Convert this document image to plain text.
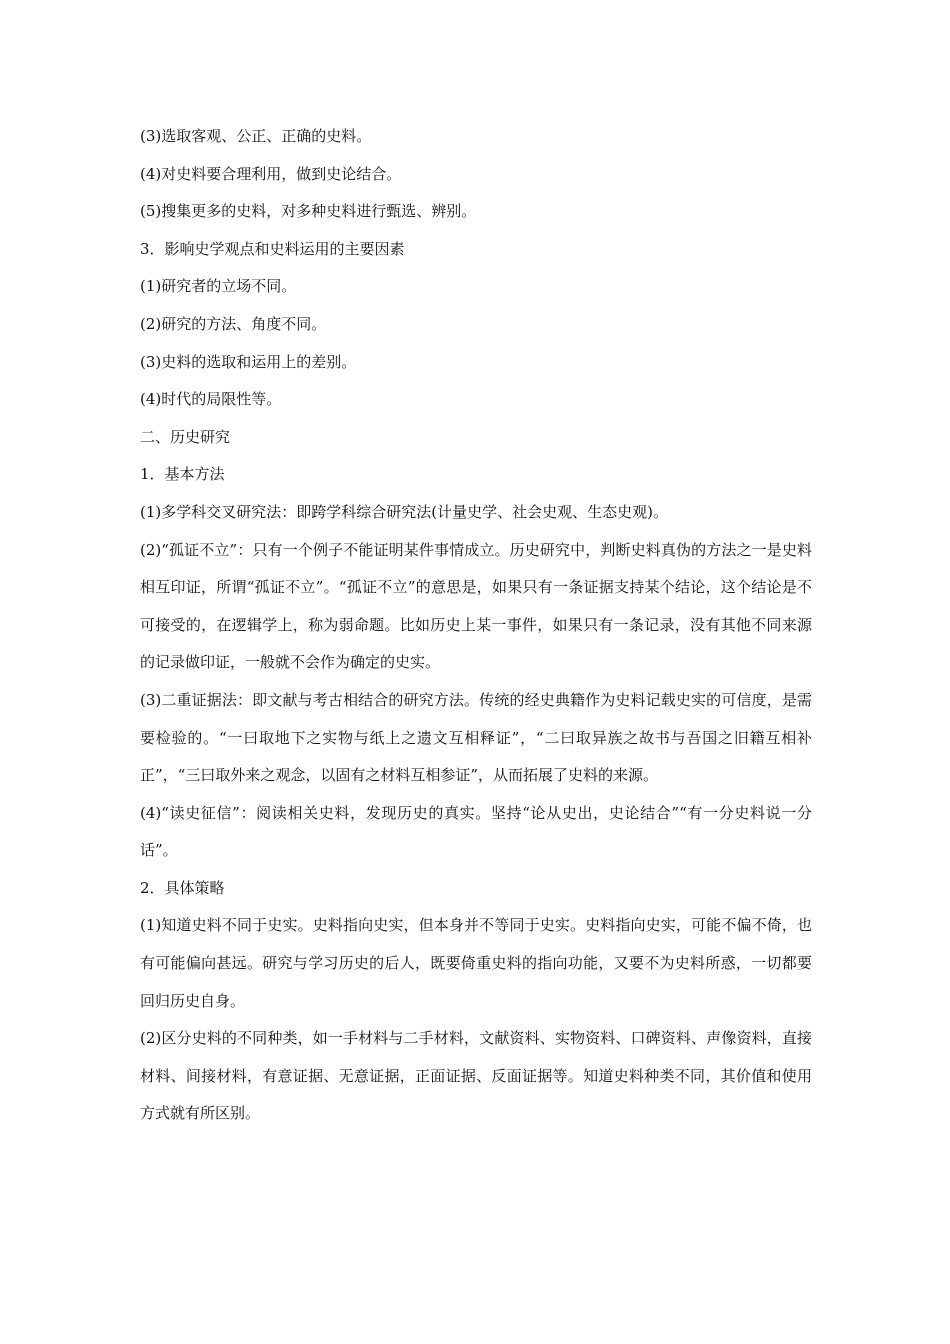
(3)选取客观、公正、正确的史料。

(4)对史料要合理利用，做到史论结合。

(5)搜集更多的史料，对多种史料进行甄选、辨别。

3．影响史学观点和史料运用的主要因素

(1)研究者的立场不同。

(2)研究的方法、角度不同。

(3)史料的选取和运用上的差别。

(4)时代的局限性等。

二、历史研究

1．基本方法

(1)多学科交叉研究法：即跨学科综合研究法(计量史学、社会史观、生态史观)。

(2)“孤证不立”：只有一个例子不能证明某件事情成立。历史研究中，判断史料真伪的方法之一是史料相互印证，所谓“孤证不立”。“孤证不立”的意思是，如果只有一条证据支持某个结论，这个结论是不可接受的，在逻辑学上，称为弱命题。比如历史上某一事件，如果只有一条记录，没有其他不同来源的记录做印证，一般就不会作为确定的史实。

(3)二重证据法：即文献与考古相结合的研究方法。传统的经史典籍作为史料记载史实的可信度，是需要检验的。“一曰取地下之实物与纸上之遗文互相释证”，“二曰取异族之故书与吾国之旧籍互相补正”，“三曰取外来之观念，以固有之材料互相参证”，从而拓展了史料的来源。

(4)“读史征信”：阅读相关史料，发现历史的真实。坚持“论从史出，史论结合”“有一分史料说一分话”。

2．具体策略

(1)知道史料不同于史实。史料指向史实，但本身并不等同于史实。史料指向史实，可能不偏不倚，也有可能偏向甚远。研究与学习历史的后人，既要倚重史料的指向功能，又要不为史料所惑，一切都要回归历史自身。

(2)区分史料的不同种类，如一手材料与二手材料，文献资料、实物资料、口碑资料、声像资料，直接材料、间接材料，有意证据、无意证据，正面证据、反面证据等。知道史料种类不同，其价值和使用方式就有所区别。
